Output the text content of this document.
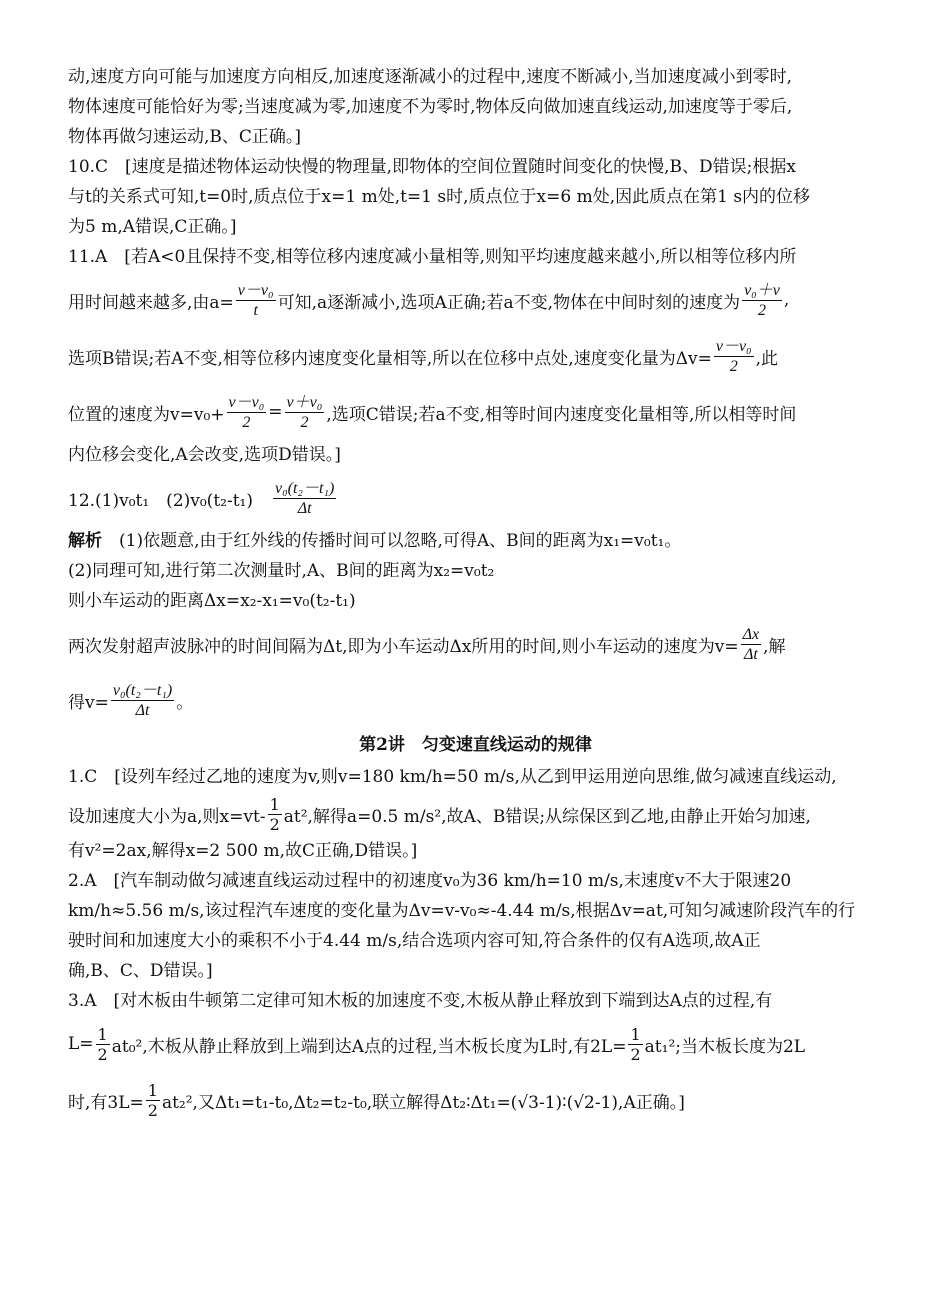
动,速度方向可能与加速度方向相反,加速度逐渐减小的过程中,速度不断减小,当加速度减小到零时,
物体速度可能恰好为零;当速度减为零,加速度不为零时,物体反向做加速直线运动,加速度等于零后,
物体再做匀速运动,B、C正确。]
10.C　[速度是描述物体运动快慢的物理量,即物体的空间位置随时间变化的快慢,B、D错误;根据x
与t的关系式可知,t=0时,质点位于x=1 m处,t=1 s时,质点位于x=6 m处,因此质点在第1 s内的位移
为5 m,A错误,C正确。]
11.A　[若A<0且保持不变,相等位移内速度减小量相等,则知平均速度越来越小,所以相等位移内所
用时间越来越多,由$a= \frac{\text{v－v₀}}{t}$ 可知,a逐渐减小,选项A正确;若a不变,物体在中间时刻的速度为 $\frac{\text{v₀＋v}}{2}$ ,
选项B错误;若A不变,相等位移内速度变化量相等,所以在位移中点处,速度变化量为$\Delta v= \frac{\text{v－v₀}}{2}$ ,此
位置的速度为$v=v_0+ \frac{\text{v－v₀}}{2} = \frac{\text{v＋v₀}}{2}$ ,选项C错误;若a不变,相等时间内速度变化量相等,所以相等时间
内位移会变化,A会改变,选项D错误。]
12.(1)v₀t₁　$(2)v_0(t_2-t_1) \frac{\text{v₀(t₂－t₁)}}{\Delta t}$
解析　(1)依题意,由于红外线的传播时间可以忽略,可得A、B间的距离为x₁=v₀t₁。
(2)同理可知,进行第二次测量时,A、B间的距离为x₂=v₀t₂
则小车运动的距离Δx=x₂-x₁=v₀(t₂-t₁)
两次发射超声波脉冲的时间间隔为Δt,即为小车运动Δx所用的时间,则小车运动的速度为$v= \frac{\Delta x}{\Delta t}$ ,解
得$v= \frac{\text{v₀(t₂－t₁)}}{\Delta t}$ 。
第2讲　匀变速直线运动的规律
1.C　[设列车经过乙地的速度为v,则v=180 km/h=50 m/s,从乙到甲运用逆向思维,做匀减速直线运动,
设加速度大小为a,则$x=vt- \frac{1}{2} at^2$,解得a=0.5 m/s²,故A、B错误;从综保区到乙地,由静止开始匀加速,
有v²=2ax,解得x=2 500 m,故C正确,D错误。]
2.A　[汽车制动做匀减速直线运动过程中的初速度v₀为36 km/h=10 m/s,末速度v不大于限速20
km/h≈5.56 m/s,该过程汽车速度的变化量为Δv=v-v₀≈-4.44 m/s,根据Δv=at,可知匀减速阶段汽车的行
驶时间和加速度大小的乘积不小于4.44 m/s,结合选项内容可知,符合条件的仅有A选项,故A正
确,B、C、D错误。]
3.A　[对木板由牛顿第二定律可知木板的加速度不变,木板从静止释放到下端到达A点的过程,有
$L= \frac{1}{2} at_0^2$,木板从静止释放到上端到达A点的过程,当木板长度为L时,有$2L= \frac{1}{2} at_1^2$;当木板长度为2L
时,有$3L= \frac{1}{2} at_2^2$,又Δt₁=t₁-t₀,Δt₂=t₂-t₀,联立解得Δt₂∶Δt₁=(√3-1)∶(√2-1),A正确。]
